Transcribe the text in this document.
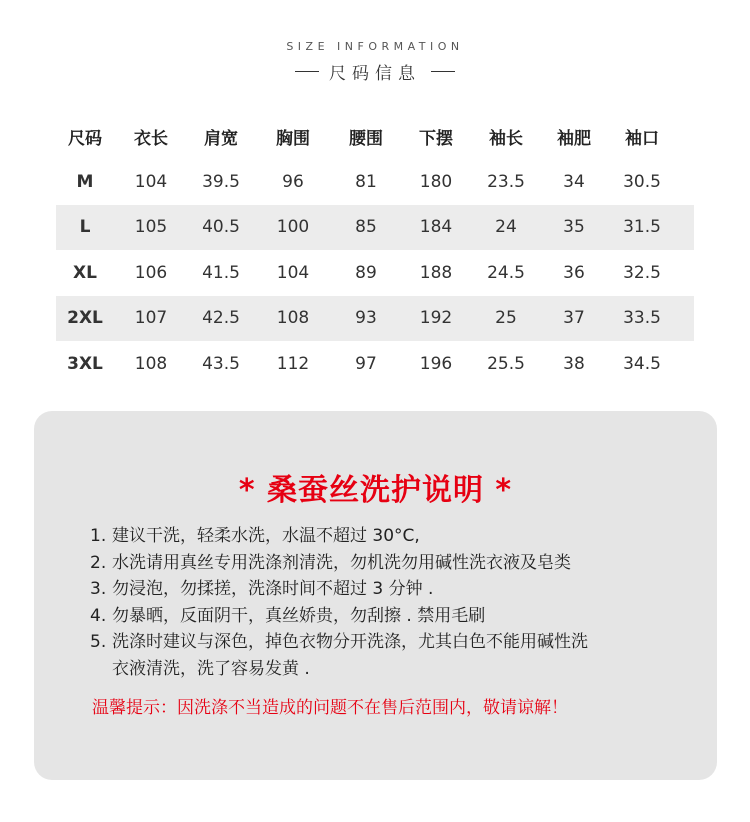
SIZE INFORMATION
尺码信息
尺码	衣长	肩宽	胸围	腰围	下摆	袖长	袖肥	袖口
M	104	39.5	96	81	180	23.5	34	30.5
L	105	40.5	100	85	184	24	35	31.5
XL	106	41.5	104	89	188	24.5	36	32.5
2XL	107	42.5	108	93	192	25	37	33.5
3XL	108	43.5	112	97	196	25.5	38	34.5
* 桑蚕丝洗护说明 *
1. 建议干洗，轻柔水洗，水温不超过 30°C,
2. 水洗请用真丝专用洗涤剂清洗，勿机洗勿用碱性洗衣液及皂类
3. 勿浸泡，勿揉搓，洗涤时间不超过 3 分钟 .
4. 勿暴晒，反面阴干，真丝娇贵，勿刮擦 . 禁用毛刷
5. 洗涤时建议与深色，掉色衣物分开洗涤，尤其白色不能用碱性洗
衣液清洗，洗了容易发黄 .
温馨提示：因洗涤不当造成的问题不在售后范围内，敬请谅解！
